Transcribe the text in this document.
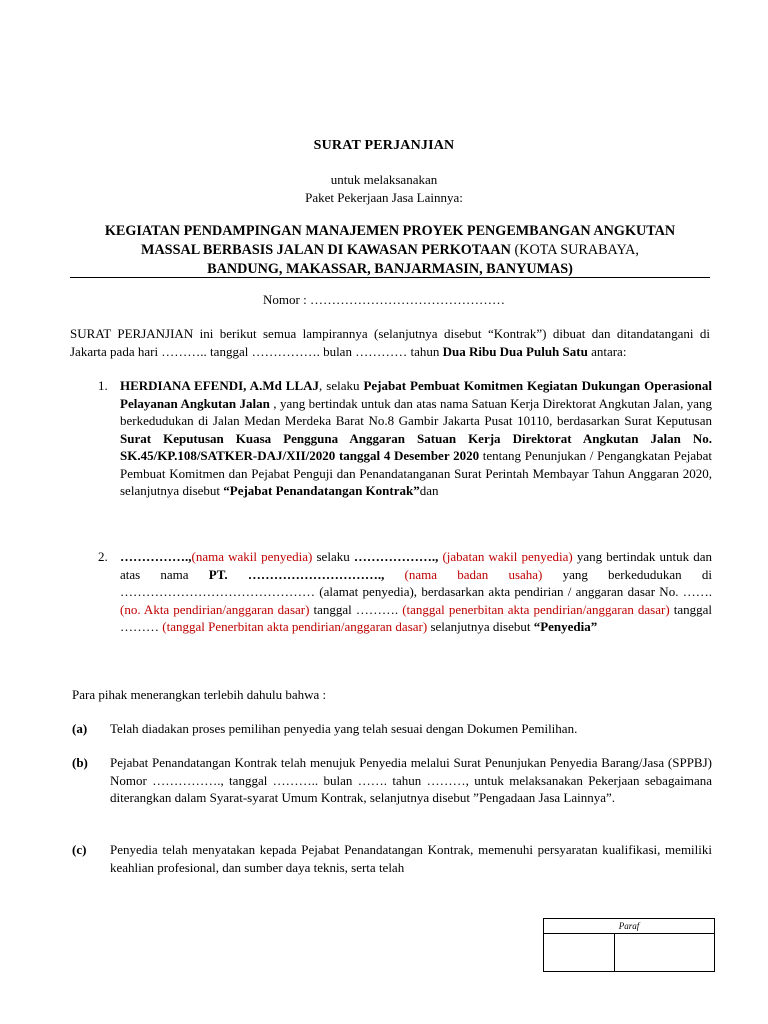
SURAT PERJANJIAN
untuk melaksanakan
Paket Pekerjaan Jasa Lainnya:
KEGIATAN PENDAMPINGAN MANAJEMEN PROYEK PENGEMBANGAN ANGKUTAN
MASSAL BERBASIS JALAN DI KAWASAN PERKOTAAN (KOTA SURABAYA,
BANDUNG, MAKASSAR, BANJARMASIN, BANYUMAS)
Nomor : ………………………………………
SURAT PERJANJIAN ini berikut semua lampirannya (selanjutnya disebut “Kontrak”) dibuat dan ditandatangani di Jakarta pada hari ……….. tanggal ……………. bulan ………… tahun Dua Ribu Dua Puluh Satu antara:
1. HERDIANA EFENDI, A.Md LLAJ, selaku Pejabat Pembuat Komitmen Kegiatan Dukungan Operasional Pelayanan Angkutan Jalan , yang bertindak untuk dan atas nama Satuan Kerja Direktorat Angkutan Jalan, yang berkedudukan di Jalan Medan Merdeka Barat No.8 Gambir Jakarta Pusat 10110, berdasarkan Surat Keputusan Surat Keputusan Kuasa Pengguna Anggaran Satuan Kerja Direktorat Angkutan Jalan No. SK.45/KP.108/SATKER-DAJ/XII/2020 tanggal 4 Desember 2020 tentang Penunjukan / Pengangkatan Pejabat Pembuat Komitmen dan Pejabat Penguji dan Penandatanganan Surat Perintah Membayar Tahun Anggaran 2020, selanjutnya disebut “Pejabat Penandatangan Kontrak”dan
2. …………….,(nama wakil penyedia) selaku ………………., (jabatan wakil penyedia) yang bertindak untuk dan atas nama PT. …………………………., (nama badan usaha) yang berkedudukan di ……………………………………… (alamat penyedia), berdasarkan akta pendirian / anggaran dasar No. ……. (no. Akta pendirian/anggaran dasar) tanggal ………. (tanggal penerbitan akta pendirian/anggaran dasar) tanggal ……… (tanggal Penerbitan akta pendirian/anggaran dasar) selanjutnya disebut “Penyedia”
Para pihak menerangkan terlebih dahulu bahwa :
(a) Telah diadakan proses pemilihan penyedia yang telah sesuai dengan Dokumen Pemilihan.
(b) Pejabat Penandatangan Kontrak telah menujuk Penyedia melalui Surat Penunjukan Penyedia Barang/Jasa (SPPBJ) Nomor ……………., tanggal ……….. bulan ……. tahun ………, untuk melaksanakan Pekerjaan sebagaimana diterangkan dalam Syarat-syarat Umum Kontrak, selanjutnya disebut ”Pengadaan Jasa Lainnya”.
(c) Penyedia telah menyatakan kepada Pejabat Penandatangan Kontrak, memenuhi persyaratan kualifikasi, memiliki keahlian profesional, dan sumber daya teknis, serta telah
Paraf
